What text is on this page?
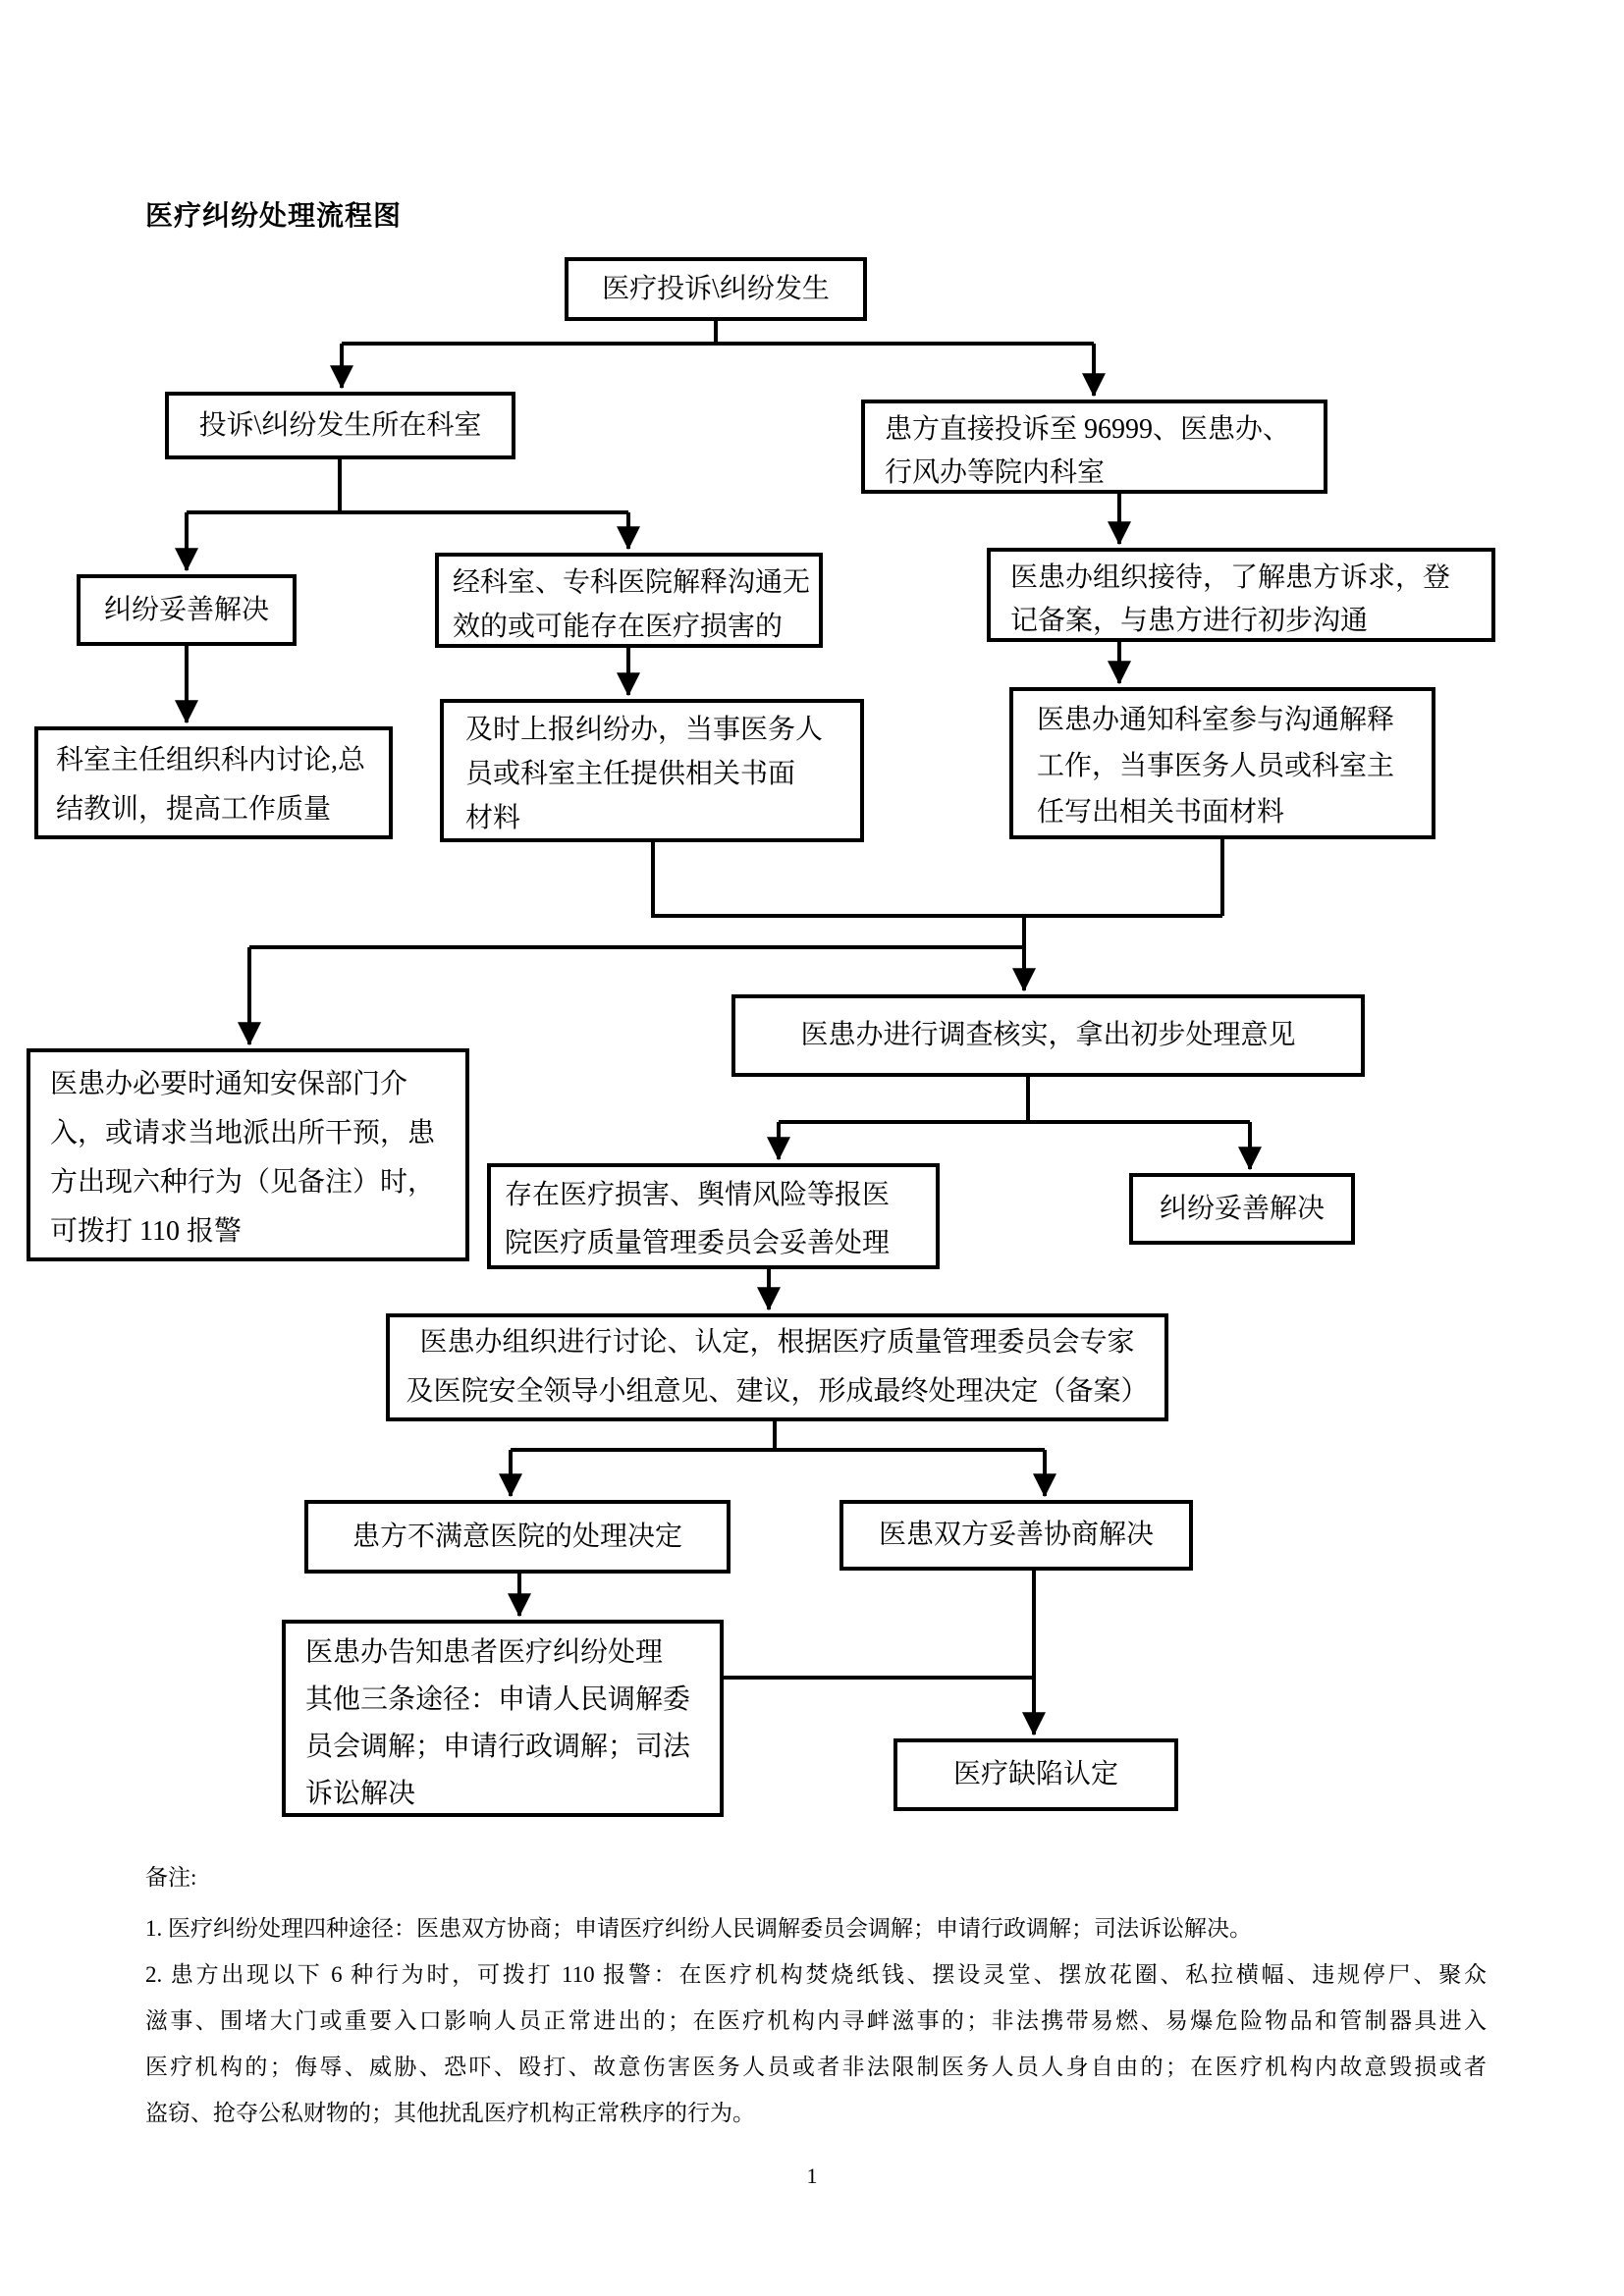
医疗纠纷处理流程图
医疗投诉\纠纷发生
投诉\纠纷发生所在科室	患方直接投诉至 96999、医患办、
行风办等院内科室
纠纷妥善解决
经科室、专科医院解释沟通无
效的或可能存在医疗损害的
科室主任组织科内讨论,总
结教训，提高工作质量
及时上报纠纷办，当事医务人
员或科室主任提供相关书面
材料
医患办组织接待，了解患方诉求，登
记备案，与患方进行初步沟通
医患办通知科室参与沟通解释
工作，当事医务人员或科室主
任写出相关书面材料
医患办进行调查核实，拿出初步处理意见
医患办必要时通知安保部门介
入，或请求当地派出所干预，患
方出现六种行为（见备注）时，
可拨打 110 报警
存在医疗损害、舆情风险等报医
院医疗质量管理委员会妥善处理
纠纷妥善解决
医患办组织进行讨论、认定，根据医疗质量管理委员会专家
及医院安全领导小组意见、建议，形成最终处理决定（备案）
患方不满意医院的处理决定	医患双方妥善协商解决
医患办告知患者医疗纠纷处理
其他三条途径：申请人民调解委
员会调解；申请行政调解；司法
诉讼解决
医疗缺陷认定
备注:
1. 医疗纠纷处理四种途径：医患双方协商；申请医疗纠纷人民调解委员会调解；申请行政调解；司法诉讼解决。
2. 患方出现以下 6 种行为时，可拨打 110 报警：在医疗机构焚烧纸钱、摆设灵堂、摆放花圈、私拉横幅、违规停尸、聚众
滋事、围堵大门或重要入口影响人员正常进出的；在医疗机构内寻衅滋事的；非法携带易燃、易爆危险物品和管制器具进入
医疗机构的；侮辱、威胁、恐吓、殴打、故意伤害医务人员或者非法限制医务人员人身自由的；在医疗机构内故意毁损或者
盗窃、抢夺公私财物的；其他扰乱医疗机构正常秩序的行为。
1
